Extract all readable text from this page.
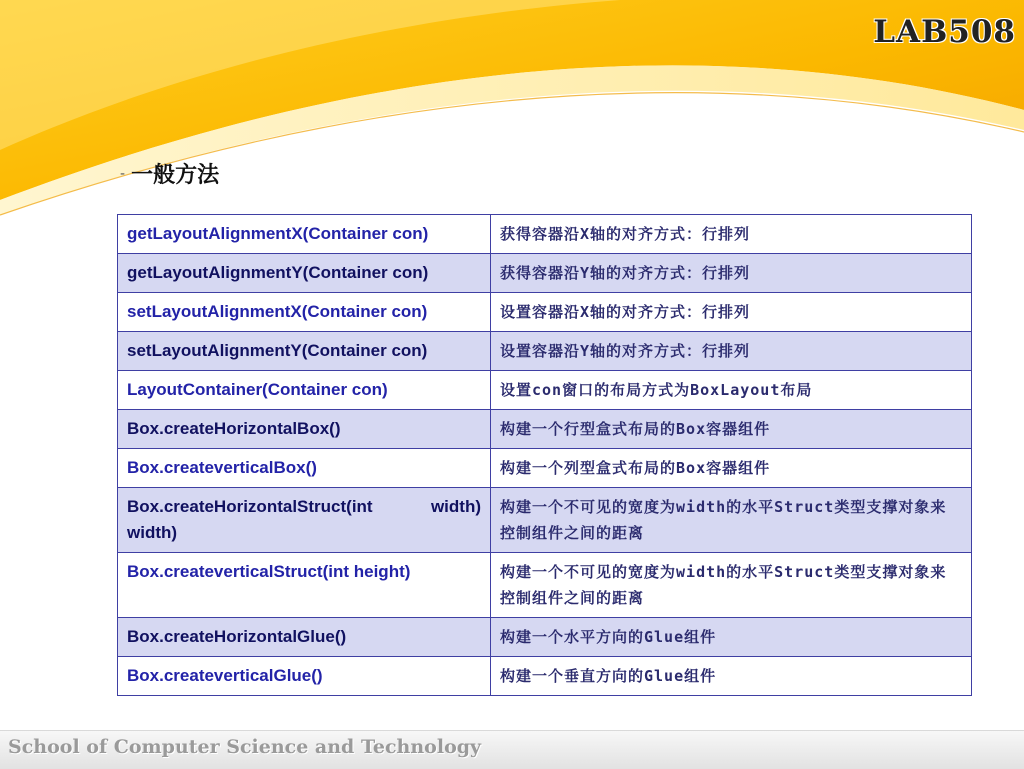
LAB508
- 一般方法
getLayoutAlignmentX(Container con)	获得容器沿X轴的对齐方式：行排列
getLayoutAlignmentY(Container con)	获得容器沿Y轴的对齐方式：行排列
setLayoutAlignmentX(Container con)	设置容器沿X轴的对齐方式：行排列
setLayoutAlignmentY(Container con)	设置容器沿Y轴的对齐方式：行排列
LayoutContainer(Container con)	设置con窗口的布局方式为BoxLayout布局
Box.createHorizontalBox()	构建一个行型盒式布局的Box容器组件
Box.createverticalBox()	构建一个列型盒式布局的Box容器组件
Box.createHorizontalStruct(int width) width)	构建一个不可见的宽度为width的水平Struct类型支撑对象来控制组件之间的距离
Box.createverticalStruct(int height)	构建一个不可见的宽度为width的水平Struct类型支撑对象来控制组件之间的距离
Box.createHorizontalGlue()	构建一个水平方向的Glue组件
Box.createverticalGlue()	构建一个垂直方向的Glue组件
School of Computer Science and Technology
